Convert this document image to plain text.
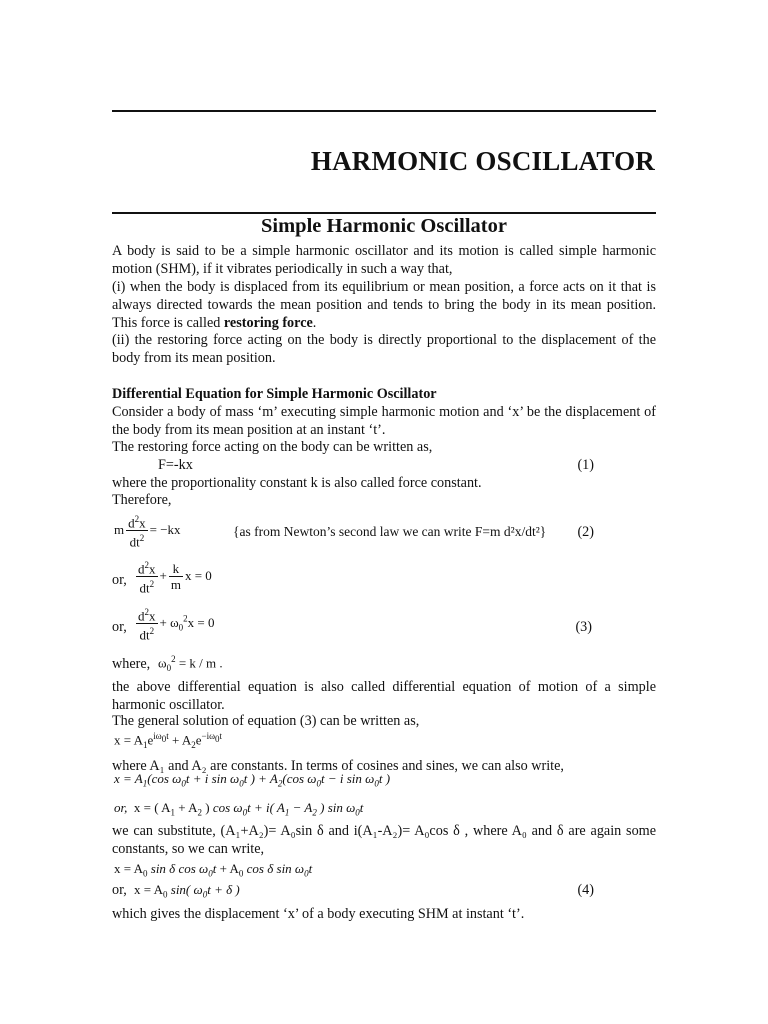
HARMONIC OSCILLATOR
Simple Harmonic Oscillator
A body is said to be a simple harmonic oscillator and its motion is called simple harmonic motion (SHM), if it vibrates periodically in such a way that,
(i) when the body is displaced from its equilibrium or mean position, a force acts on it that is always directed towards the mean position and tends to bring the body in its mean position. This force is called restoring force.
(ii) the restoring force acting on the body is directly proportional to the displacement of the body from its mean position.
Differential Equation for Simple Harmonic Oscillator
Consider a body of mass ‘m’ executing simple harmonic motion and ‘x’ be the displacement of the body from its mean position at an instant ‘t’.
The restoring force acting on the body can be written as,
F=-kx	(1)
where the proportionality constant k is also called force constant.
Therefore,
m $\frac{d^2x}{dt^2} = -kx$	{as from Newton’s second law we can write F=m d²x/dt²} (2)
or, $\frac{d^2x}{dt^2} + \frac{k}{m}$ x = 0
or, $\frac{d^2x}{dt^2} + \omega_0^2x = 0$	(3)
where, $\omega_0^2 = k / m$ .
the above differential equation is also called differential equation of motion of a simple harmonic oscillator.
The general solution of equation (3) can be written as,
$x = A_1e^{i\omega_0t} + A_2e^{-i\omega_0t}$
where A₁ and A₂ are constants. In terms of cosines and sines, we can also write,
$x = A_1(\cos$ $\omega_0t + i$ $\sin \omega_0t$ ) + $A_2(\cos$ $\omega_0t - i$ $\sin \omega_0t$ )
or,  x = ( $A_1 + A_2$ ) $\cos \omega_0t + i$( $A_1 - A_2$ ) $\sin \omega_0t$
we can substitute, (A₁+A₂)= A₀sin δ and i(A₁-A₂)= A₀cos δ , where A₀ and δ are again some constants, so we can write,
$x = A_0$ sin δ $\cos \omega_0t + A_0$ cos δ $\sin \omega_0t$
or, $x = A_0$ sin( $\omega_0t + \delta$ )	(4)
which gives the displacement ‘x’ of a body executing SHM at instant ‘t’.
